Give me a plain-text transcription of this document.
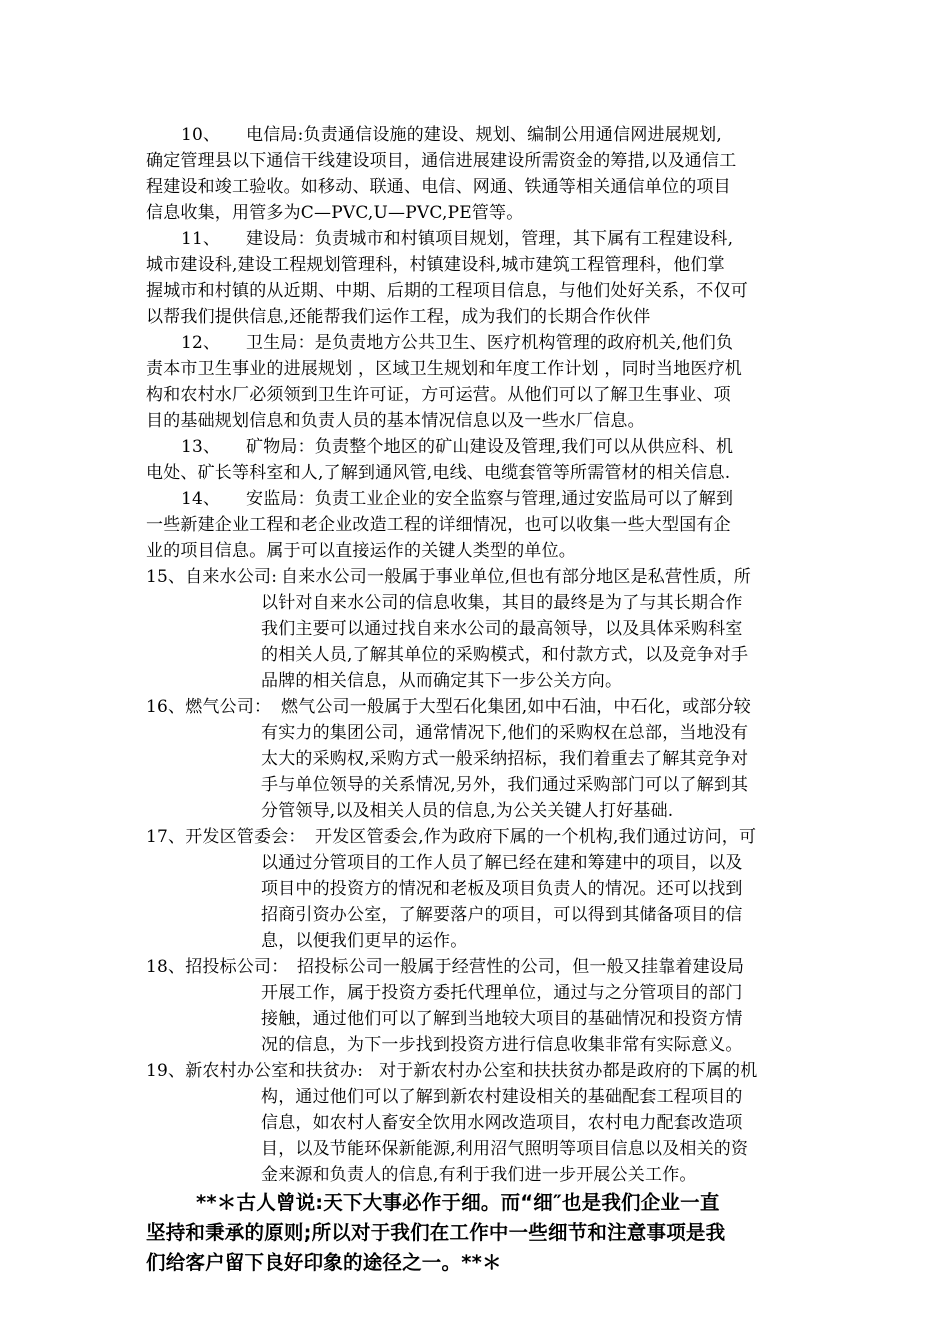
10、	电信局:负责通信设施的建设、规划、编制公用通信网进展规划,
确定管理县以下通信干线建设项目，通信进展建设所需资金的筹措,以及通信工
程建设和竣工验收。如移动、联通、电信、网通、铁通等相关通信单位的项目
信息收集，用管多为C—PVC,U—PVC,PE管等。
11、	建设局：负责城市和村镇项目规划，管理，其下属有工程建设科,
城市建设科,建设工程规划管理科，村镇建设科,城市建筑工程管理科，他们掌
握城市和村镇的从近期、中期、后期的工程项目信息，与他们处好关系，不仅可
以帮我们提供信息,还能帮我们运作工程，成为我们的长期合作伙伴
12、	卫生局：是负责地方公共卫生、医疗机构管理的政府机关,他们负
责本市卫生事业的进展规划 ，区域卫生规划和年度工作计划 ，同时当地医疗机
构和农村水厂必须领到卫生许可证，方可运营。从他们可以了解卫生事业、项
目的基础规划信息和负责人员的基本情况信息以及一些水厂信息。
13、	矿物局：负责整个地区的矿山建设及管理,我们可以从供应科、机
电处、矿长等科室和人,了解到通风管,电线、电缆套管等所需管材的相关信息.
14、	安监局：负责工业企业的安全监察与管理,通过安监局可以了解到
一些新建企业工程和老企业改造工程的详细情况，也可以收集一些大型国有企
业的项目信息。属于可以直接运作的关键人类型的单位。
15、自来水公司: 自来水公司一般属于事业单位,但也有部分地区是私营性质，所
以针对自来水公司的信息收集，其目的最终是为了与其长期合作
我们主要可以通过找自来水公司的最高领导，以及具体采购科室
的相关人员,了解其单位的采购模式，和付款方式，以及竞争对手
品牌的相关信息，从而确定其下一步公关方向。
16、燃气公司： 燃气公司一般属于大型石化集团,如中石油，中石化，或部分较
有实力的集团公司，通常情况下,他们的采购权在总部，当地没有
太大的采购权,采购方式一般采纳招标，我们着重去了解其竞争对
手与单位领导的关系情况,另外，我们通过采购部门可以了解到其
分管领导,以及相关人员的信息,为公关关键人打好基础.
17、开发区管委会： 开发区管委会,作为政府下属的一个机构,我们通过访问，可
以通过分管项目的工作人员了解已经在建和筹建中的项目，以及
项目中的投资方的情况和老板及项目负责人的情况。还可以找到
招商引资办公室，了解要落户的项目，可以得到其储备项目的信
息，以便我们更早的运作。
18、招投标公司： 招投标公司一般属于经营性的公司，但一般又挂靠着建设局
开展工作，属于投资方委托代理单位，通过与之分管项目的部门
接触，通过他们可以了解到当地较大项目的基础情况和投资方情
况的信息，为下一步找到投资方进行信息收集非常有实际意义。
19、新农村办公室和扶贫办: 对于新农村办公室和扶扶贫办都是政府的下属的机
构，通过他们可以了解到新农村建设相关的基础配套工程项目的
信息，如农村人畜安全饮用水网改造项目，农村电力配套改造项
目，以及节能环保新能源,利用沼气照明等项目信息以及相关的资
金来源和负责人的信息,有利于我们进一步开展公关工作。
**＊古人曾说:天下大事必作于细。而“细″也是我们企业一直
坚持和秉承的原则;所以对于我们在工作中一些细节和注意事项是我
们给客户留下良好印象的途径之一。**＊
